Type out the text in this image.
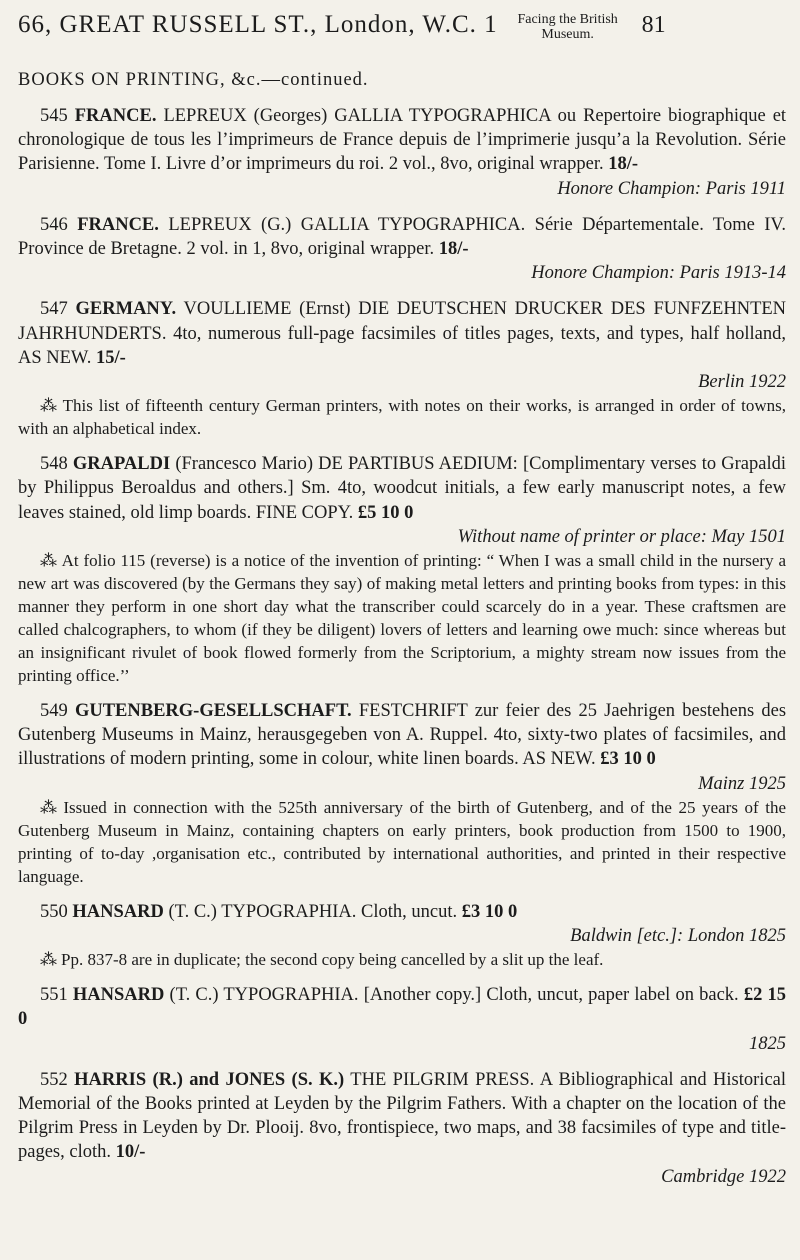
66, GREAT RUSSELL ST., London, W.C. 1	Facing the British Museum.	81
BOOKS ON PRINTING, &c.—continued.
545 FRANCE. LEPREUX (Georges) GALLIA TYPOGRAPHICA ou Repertoire biographique et chronologique de tous les l’imprimeurs de France depuis de l’imprimerie jusqu’a la Revolution. Série Parisienne. Tome I. Livre d’or imprimeurs du roi. 2 vol., 8vo, original wrapper. 18/-
Honore Champion: Paris 1911
546 FRANCE. LEPREUX (G.) GALLIA TYPOGRAPHICA. Série Départementale. Tome IV. Province de Bretagne. 2 vol. in 1, 8vo, original wrapper. 18/-
Honore Champion: Paris 1913-14
547 GERMANY. VOULLIEME (Ernst) DIE DEUTSCHEN DRUCKER DES FUNFZEHNTEN JAHRHUNDERTS. 4to, numerous full-page facsimiles of titles pages, texts, and types, half holland, AS NEW. 15/-
Berlin 1922
⁂ This list of fifteenth century German printers, with notes on their works, is arranged in order of towns, with an alphabetical index.
548 GRAPALDI (Francesco Mario) DE PARTIBUS AEDIUM: [Complimentary verses to Grapaldi by Philippus Beroaldus and others.] Sm. 4to, woodcut initials, a few early manuscript notes, a few leaves stained, old limp boards. FINE COPY. £5 10 0
Without name of printer or place: May 1501
⁂ At folio 115 (reverse) is a notice of the invention of printing: “ When I was a small child in the nursery a new art was discovered (by the Germans they say) of making metal letters and printing books from types: in this manner they perform in one short day what the transcriber could scarcely do in a year. These craftsmen are called chalcographers, to whom (if they be diligent) lovers of letters and learning owe much: since whereas but an insignificant rivulet of book flowed formerly from the Scriptorium, a mighty stream now issues from the printing office.’’
549 GUTENBERG-GESELLSCHAFT. FESTCHRIFT zur feier des 25 Jaehrigen bestehens des Gutenberg Museums in Mainz, herausgegeben von A. Ruppel. 4to, sixty-two plates of facsimiles, and illustrations of modern printing, some in colour, white linen boards. AS NEW. £3 10 0
Mainz 1925
⁂ Issued in connection with the 525th anniversary of the birth of Gutenberg, and of the 25 years of the Gutenberg Museum in Mainz, containing chapters on early printers, book production from 1500 to 1900, printing of to-day ,organisation etc., contributed by international authorities, and printed in their respective language.
550 HANSARD (T. C.) TYPOGRAPHIA. Cloth, uncut. £3 10 0
Baldwin [etc.]: London 1825
⁂ Pp. 837-8 are in duplicate; the second copy being cancelled by a slit up the leaf.
551 HANSARD (T. C.) TYPOGRAPHIA. [Another copy.] Cloth, uncut, paper label on back. £2 15 0
1825
552 HARRIS (R.) and JONES (S. K.) THE PILGRIM PRESS. A Bibliographical and Historical Memorial of the Books printed at Leyden by the Pilgrim Fathers. With a chapter on the location of the Pilgrim Press in Leyden by Dr. Plooij. 8vo, frontispiece, two maps, and 38 facsimiles of type and title-pages, cloth. 10/-
Cambridge 1922
